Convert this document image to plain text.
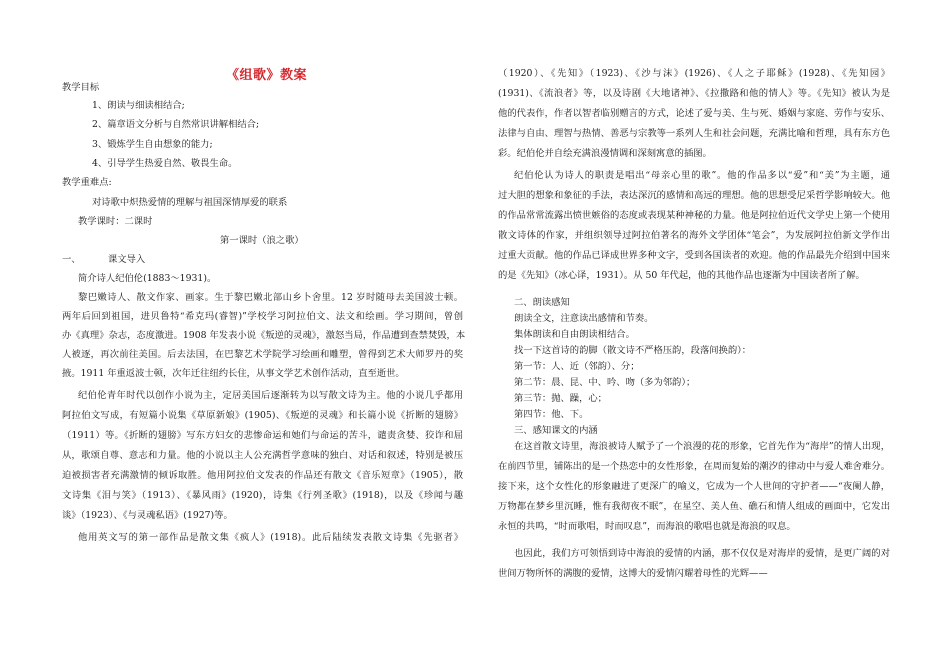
《组歌》教案
教学目标
1、朗读与细读相结合;
2、篇章语文分析与自然常识讲解相结合;
3、锻炼学生自由想象的能力;
4、引导学生热爱自然、敬畏生命。
教学重难点:
对诗歌中炽热爱情的理解与祖国深情厚爱的联系
教学课时：二课时
第一课时（浪之歌）
一、	课文导入
简介诗人纪伯伦(1883～1931)。
黎巴嫩诗人、散文作家、画家。生于黎巴嫩北部山乡卜舍里。12 岁时随母去美国波士顿。
两年后回到祖国，进贝鲁特“希克玛(睿智)”学校学习阿拉伯文、法文和绘画。学习期间，曾创
办《真理》杂志，态度激进。1908 年发表小说《叛逆的灵魂》，激怒当局，作品遭到查禁焚毁，本
人被逐，再次前往美国。后去法国，在巴黎艺术学院学习绘画和雕塑，曾得到艺术大师罗丹的奖
掖。1911 年重返波士顿，次年迁往纽约长住，从事文学艺术创作活动，直至逝世。
纪伯伦青年时代以创作小说为主，定居美国后逐渐转为以写散文诗为主。他的小说几乎都用
阿拉伯文写成，有短篇小说集《草原新娘》(1905)、《叛逆的灵魂》和长篇小说《折断的翅膀》
（1911）等。《折断的翅膀》写东方妇女的悲惨命运和她们与命运的苦斗，谴责贪婪、狡诈和屈
从，歌颂自尊、意志和力量。他的小说以主人公充满哲学意味的独白、对话和叙述，特别是被压
迫被损害者充满激情的倾诉取胜。他用阿拉伯文发表的作品还有散文《音乐短章》（1905），散
文诗集《泪与笑》（1913）、《暴风雨》(1920)，诗集《行列圣歌》(1918)，以及《珍闻与趣
谈》（1923）、《与灵魂私语》(1927)等。
他用英文写的第一部作品是散文集《疯人》(1918)。此后陆续发表散文诗集《先驱者》
（1920）、《先知》（1923)、《沙与沫》(1926)、《人之子耶稣》(1928)、《先知园》
(1931)、《流浪者》等，以及诗剧《大地诸神》、《拉撒路和他的情人》等。《先知》被认为是
他的代表作，作者以智者临别赠言的方式，论述了爱与美、生与死、婚姻与家庭、劳作与安乐、
法律与自由、理智与热情、善恶与宗教等一系列人生和社会问题，充满比喻和哲理，具有东方色
彩。纪伯伦并自绘充满浪漫情调和深刻寓意的插图。
纪伯伦认为诗人的职责是唱出“母亲心里的歌”。他的作品多以“爱”和“美”为主题，通
过大胆的想象和象征的手法，表达深沉的感情和高远的理想。他的思想受尼采哲学影响较大。他
的作品常常流露出愤世嫉俗的态度或表现某种神秘的力量。他是阿拉伯近代文学史上第一个使用
散文诗体的作家，并组织领导过阿拉伯著名的海外文学团体“笔会”，为发展阿拉伯新文学作出
过重大贡献。他的作品已译成世界多种文字，受到各国读者的欢迎。他的作品最先介绍到中国来
的是《先知》（冰心译，1931）。从 50 年代起，他的其他作品也逐渐为中国读者所了解。
二、朗读感知
朗读全文，注意读出感情和节奏。
集体朗读和自由朗读相结合。
找一下这首诗的韵脚（散文诗不严格压韵，段落间换韵）：
第一节：人、近（邻韵）、分；
第二节：晨、昆、中、吟、吻（多为邻韵）；
第三节：抛、躁，心；
第四节：他、下。
三、感知课文的内涵
在这首散文诗里，海浪被诗人赋予了一个浪漫的花的形象，它首先作为“海岸”的情人出现，
在前四节里，铺陈出的是一个热恋中的女性形象，在周而复始的潮汐的律动中与爱人难舍难分。
接下来，这个女性化的形象融进了更深广的喻义，它成为一个人世间的守护者——“夜阑人静，
万物都在梦乡里沉睡，惟有我彻夜不眠”，在星空、美人鱼、礁石和情人组成的画面中，它发出
永恒的共鸣，“时而歌唱，时而叹息”，而海浪的歌唱也就是海浪的叹息。
也因此，我们方可领悟到诗中海浪的爱情的内涵，那不仅仅是对海岸的爱情，是更广阔的对
世间万物所怀的满腹的爱情，这博大的爱情闪耀着母性的光辉——
